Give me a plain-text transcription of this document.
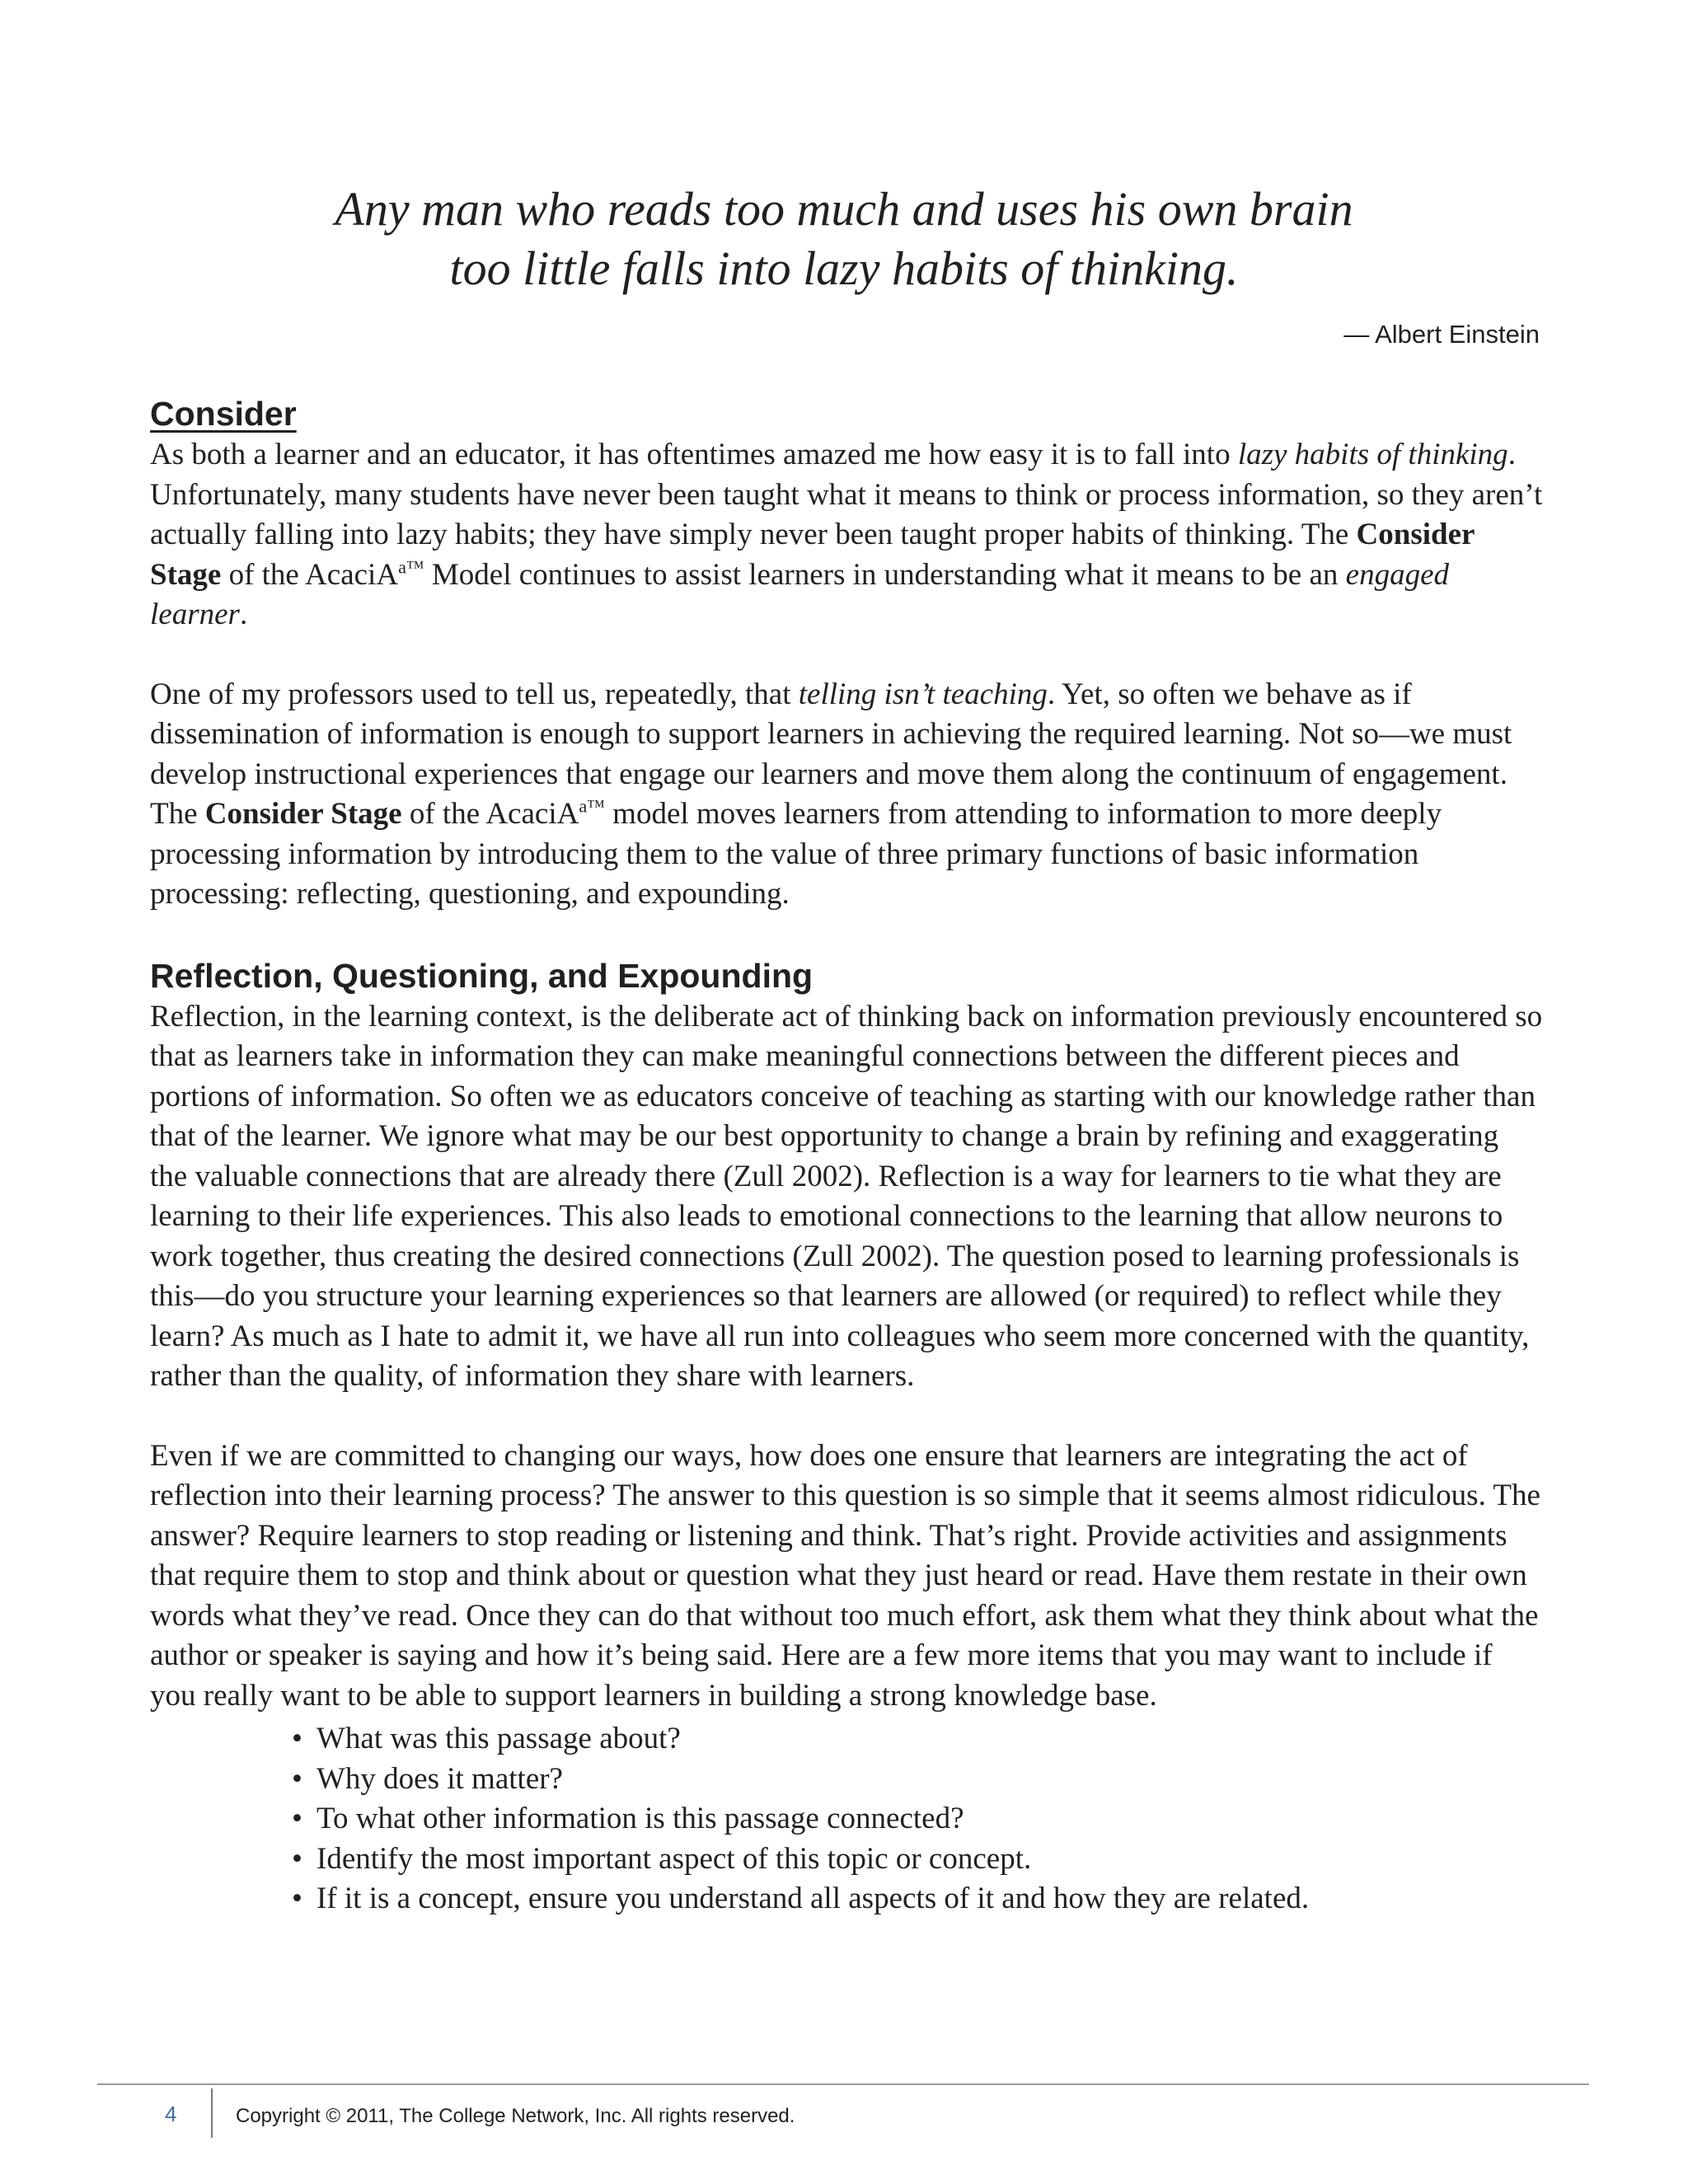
Any man who reads too much and uses his own brain
too little falls into lazy habits of thinking.
— Albert Einstein
Consider

As both a learner and an educator, it has oftentimes amazed me how easy it is to fall into lazy habits of thinking. Unfortunately, many students have never been taught what it means to think or process information, so they aren’t actually falling into lazy habits; they have simply never been taught proper habits of thinking. The Consider Stage of the AcaciA$^{a™}$ Model continues to assist learners in understanding what it means to be an engaged learner.

One of my professors used to tell us, repeatedly, that telling isn’t teaching. Yet, so often we behave as if dissemination of information is enough to support learners in achieving the required learning. Not so—we must develop instructional experiences that engage our learners and move them along the continuum of engagement. The Consider Stage of the AcaciA$^{a™}$ model moves learners from attending to information to more deeply processing information by introducing them to the value of three primary functions of basic information processing: reflecting, questioning, and expounding.

Reflection, Questioning, and Expounding

Reflection, in the learning context, is the deliberate act of thinking back on information previously encountered so that as learners take in information they can make meaningful connections between the different pieces and portions of information. So often we as educators conceive of teaching as starting with our knowledge rather than that of the learner. We ignore what may be our best opportunity to change a brain by refining and exaggerating the valuable connections that are already there (Zull 2002). Reflection is a way for learners to tie what they are learning to their life experiences. This also leads to emotional connections to the learning that allow neurons to work together, thus creating the desired connections (Zull 2002). The question posed to learning professionals is this—do you structure your learning experiences so that learners are allowed (or required) to reflect while they learn? As much as I hate to admit it, we have all run into colleagues who seem more concerned with the quantity, rather than the quality, of information they share with learners.

Even if we are committed to changing our ways, how does one ensure that learners are integrating the act of reflection into their learning process? The answer to this question is so simple that it seems almost ridiculous. The answer? Require learners to stop reading or listening and think. That’s right. Provide activities and assignments that require them to stop and think about or question what they just heard or read. Have them restate in their own words what they’ve read. Once they can do that without too much effort, ask them what they think about what the author or speaker is saying and how it’s being said. Here are a few more items that you may want to include if you really want to be able to support learners in building a strong knowledge base.

• What was this passage about?
• Why does it matter?
• To what other information is this passage connected?
• Identify the most important aspect of this topic or concept.
• If it is a concept, ensure you understand all aspects of it and how they are related.
4	Copyright © 2011, The College Network, Inc. All rights reserved.
